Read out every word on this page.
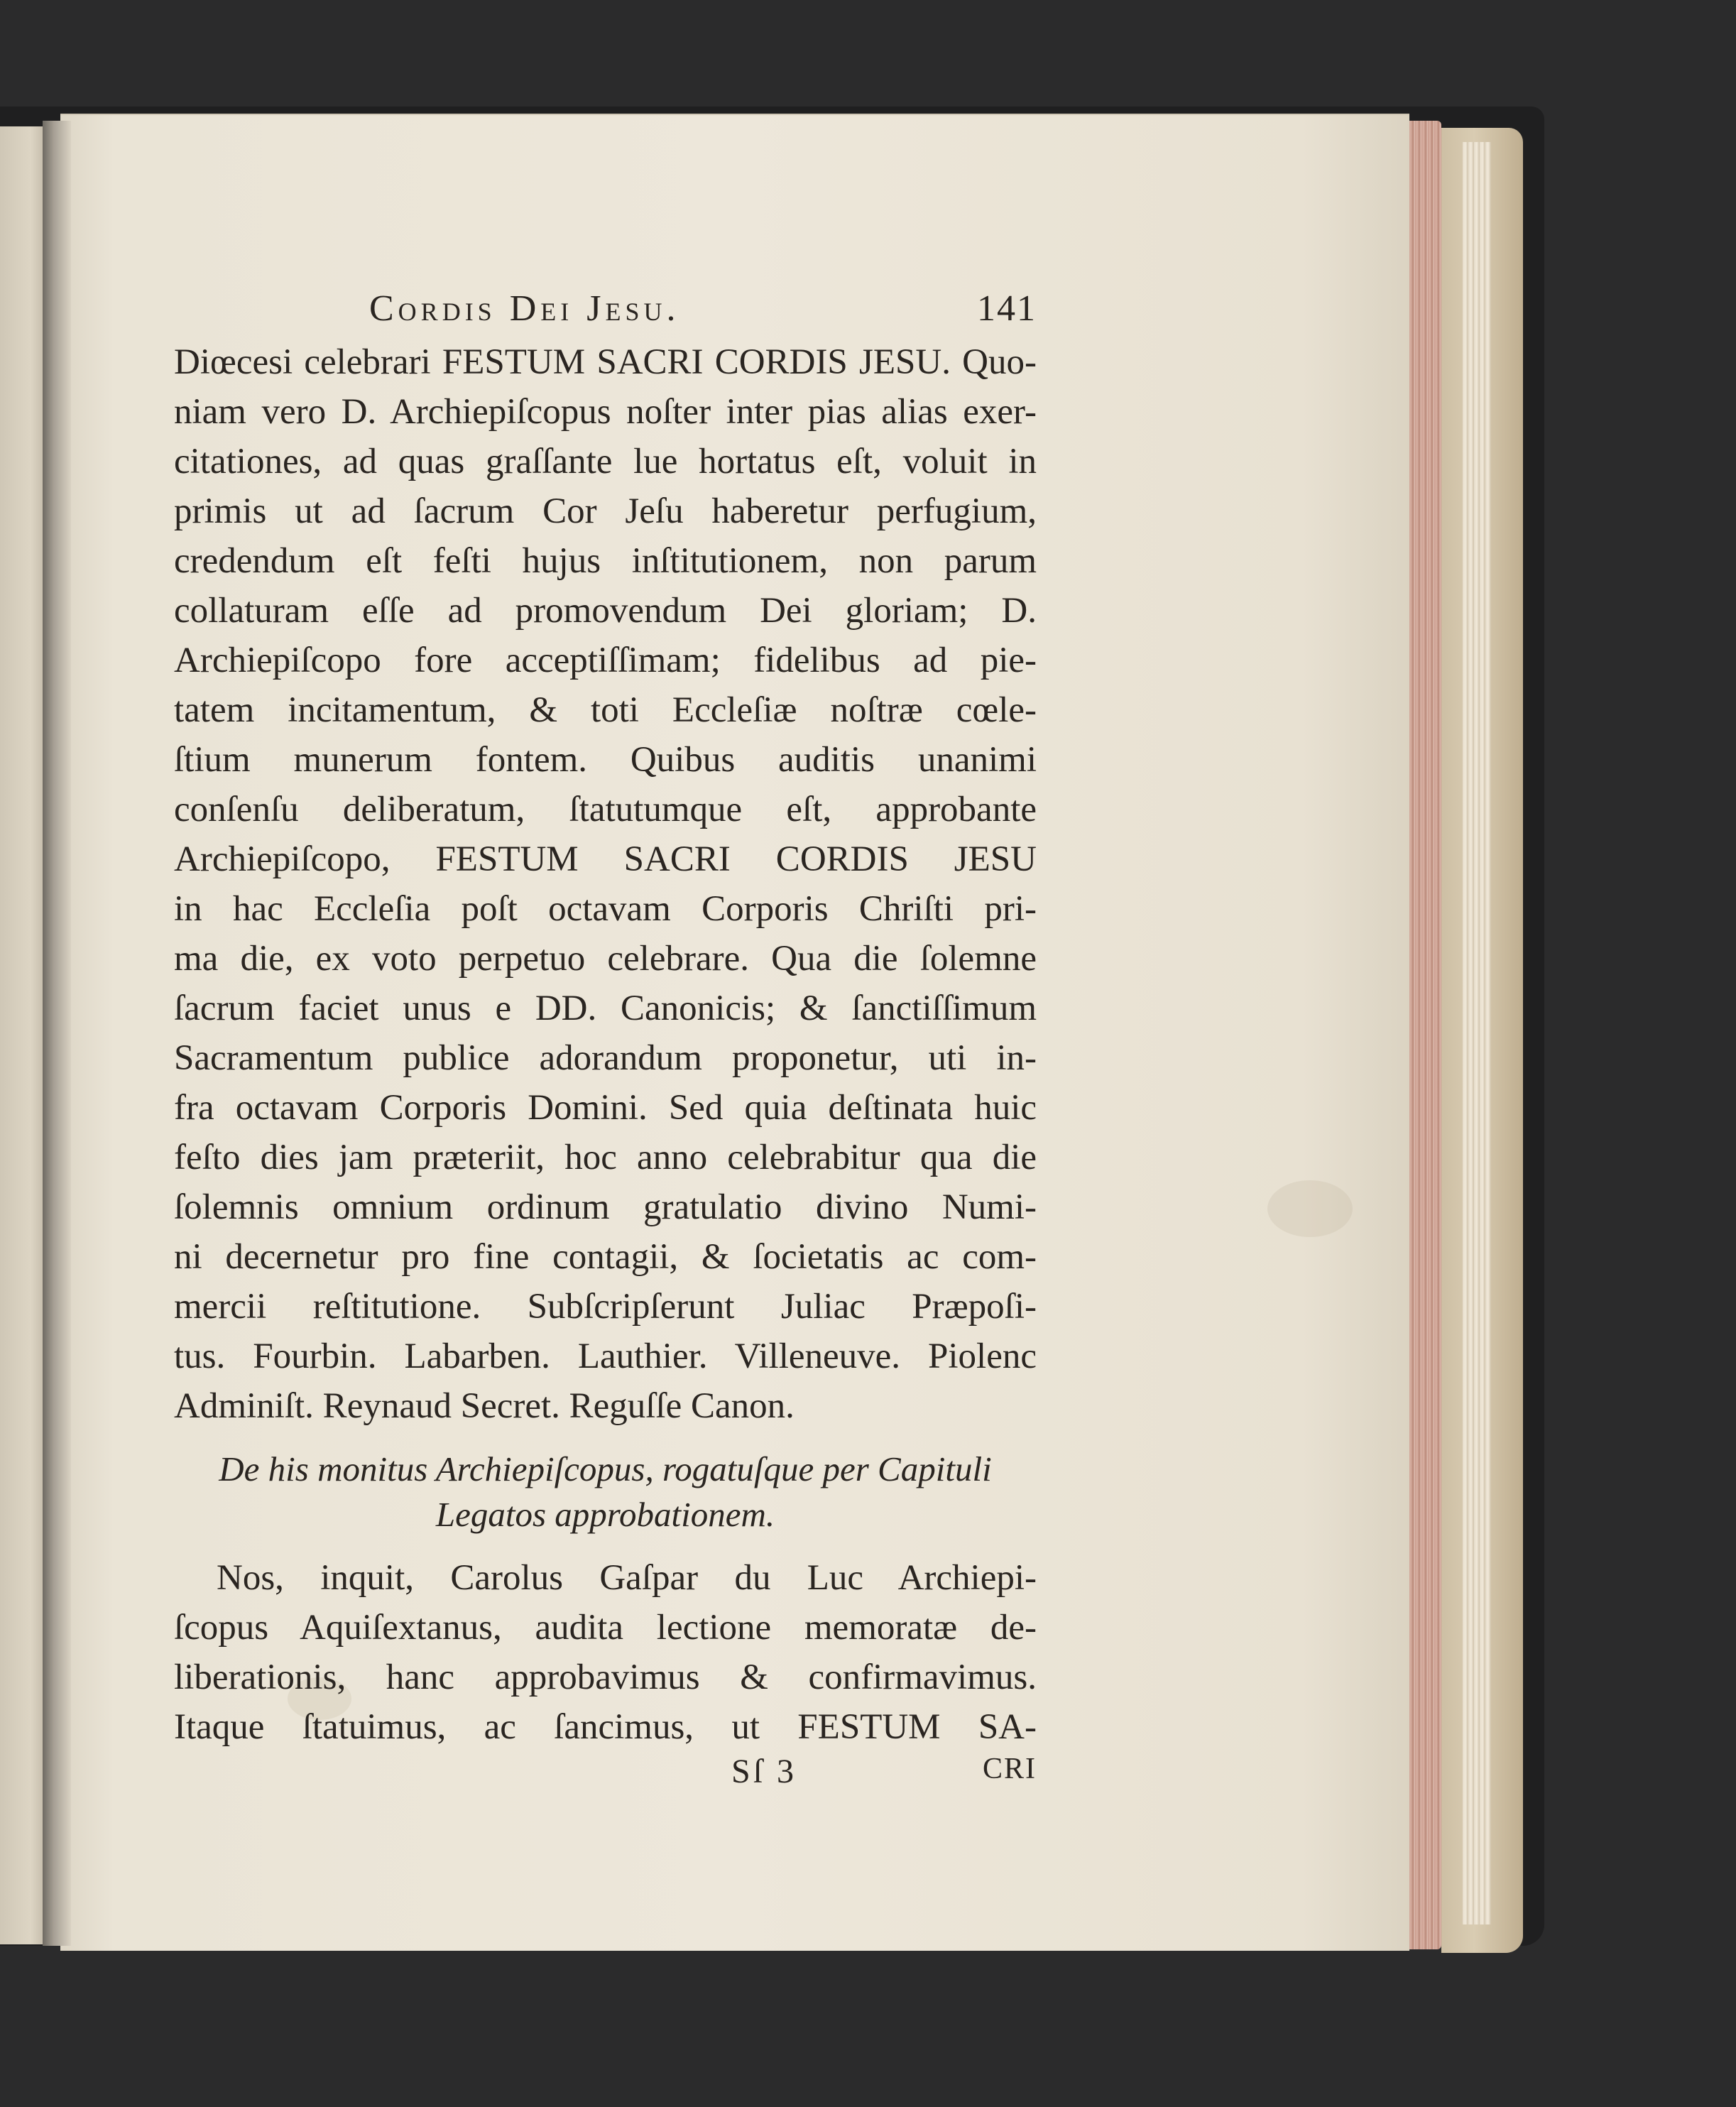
Cordis Dei Jesu.	141
Diœcesi celebrari FESTUM SACRI CORDIS JESU. Quo-
niam vero D. Archiepiſcopus noſter inter pias alias exer-
citationes, ad quas graſſante lue hortatus eſt, voluit in
primis ut ad ſacrum Cor Jeſu haberetur perfugium,
credendum eſt feſti hujus inſtitutionem, non parum
collaturam eſſe ad promovendum Dei gloriam; D.
Archiepiſcopo fore acceptiſſimam; fidelibus ad pie-
tatem incitamentum, & toti Eccleſiæ noſtræ cœle-
ſtium munerum fontem. Quibus auditis unanimi
conſenſu deliberatum, ſtatutumque eſt, approbante
Archiepiſcopo, FESTUM SACRI CORDIS JESU
in hac Eccleſia poſt octavam Corporis Chriſti pri-
ma die, ex voto perpetuo celebrare. Qua die ſolemne
ſacrum faciet unus e DD. Canonicis; & ſanctiſſimum
Sacramentum publice adorandum proponetur, uti in-
fra octavam Corporis Domini. Sed quia deſtinata huic
feſto dies jam præteriit, hoc anno celebrabitur qua die
ſolemnis omnium ordinum gratulatio divino Numi-
ni decernetur pro fine contagii, & ſocietatis ac com-
mercii reſtitutione. Subſcripſerunt Juliac Præpoſi-
tus. Fourbin. Labarben. Lauthier. Villeneuve. Piolenc
Adminiſt. Reynaud Secret. Reguſſe Canon.
De his monitus Archiepiſcopus, rogatuſque per Capituli
Legatos approbationem.
Nos, inquit, Carolus Gaſpar du Luc Archiepi-
ſcopus Aquiſextanus, audita lectione memoratæ de-
liberationis, hanc approbavimus & confirmavimus.
Itaque ſtatuimus, ac ſancimus, ut FESTUM SA-
Sſ 3	CRI
